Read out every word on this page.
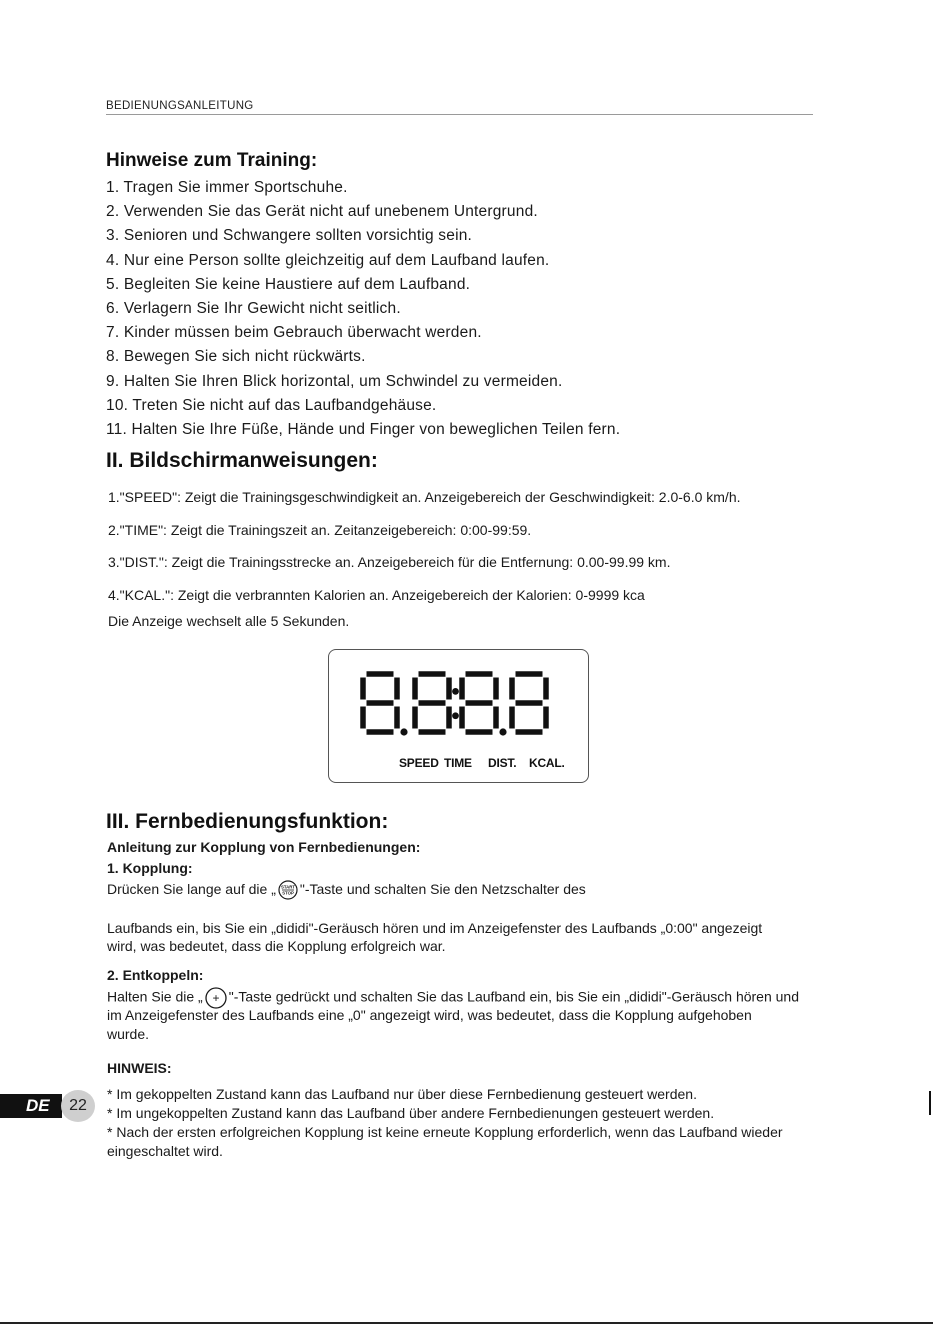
BEDIENUNGSANLEITUNG
Hinweise zum Training:
1. Tragen Sie immer Sportschuhe.
2. Verwenden Sie das Gerät nicht auf unebenem Untergrund.
3. Senioren und Schwangere sollten vorsichtig sein.
4. Nur eine Person sollte gleichzeitig auf dem Laufband laufen.
5. Begleiten Sie keine Haustiere auf dem Laufband.
6. Verlagern Sie Ihr Gewicht nicht seitlich.
7. Kinder müssen beim Gebrauch überwacht werden.
8. Bewegen Sie sich nicht rückwärts.
9. Halten Sie Ihren Blick horizontal, um Schwindel zu vermeiden.
10. Treten Sie nicht auf das Laufbandgehäuse.
11. Halten Sie Ihre Füße, Hände und Finger von beweglichen Teilen fern.
II. Bildschirmanweisungen:
1."SPEED": Zeigt die Trainingsgeschwindigkeit an. Anzeigebereich der Geschwindigkeit: 2.0-6.0 km/h.
2."TIME": Zeigt die Trainingszeit an. Zeitanzeigebereich: 0:00-99:59.
3."DIST.": Zeigt die Trainingsstrecke an. Anzeigebereich für die Entfernung: 0.00-99.99 km.
4."KCAL.": Zeigt die verbrannten Kalorien an. Anzeigebereich der Kalorien: 0-9999 kca
Die Anzeige wechselt alle 5 Sekunden.
SPEED TIME DIST. KCAL.
III. Fernbedienungsfunktion:
Anleitung zur Kopplung von Fernbedienungen:
1. Kopplung:
Drücken Sie lange auf die „ START
STOP "-Taste und schalten Sie den Netzschalter des
Laufbands ein, bis Sie ein „dididi"-Geräusch hören und im Anzeigefenster des Laufbands „0:00" angezeigt
wird, was bedeutet, dass die Kopplung erfolgreich war.
2. Entkoppeln:
Halten Sie die „ + "-Taste gedrückt und schalten Sie das Laufband ein, bis Sie ein „dididi"-Geräusch hören und
im Anzeigefenster des Laufbands eine „0" angezeigt wird, was bedeutet, dass die Kopplung aufgehoben
wurde.
HINWEIS:
* Im gekoppelten Zustand kann das Laufband nur über diese Fernbedienung gesteuert werden.
* Im ungekoppelten Zustand kann das Laufband über andere Fernbedienungen gesteuert werden.
* Nach der ersten erfolgreichen Kopplung ist keine erneute Kopplung erforderlich, wenn das Laufband wieder
eingeschaltet wird.
DE	22
